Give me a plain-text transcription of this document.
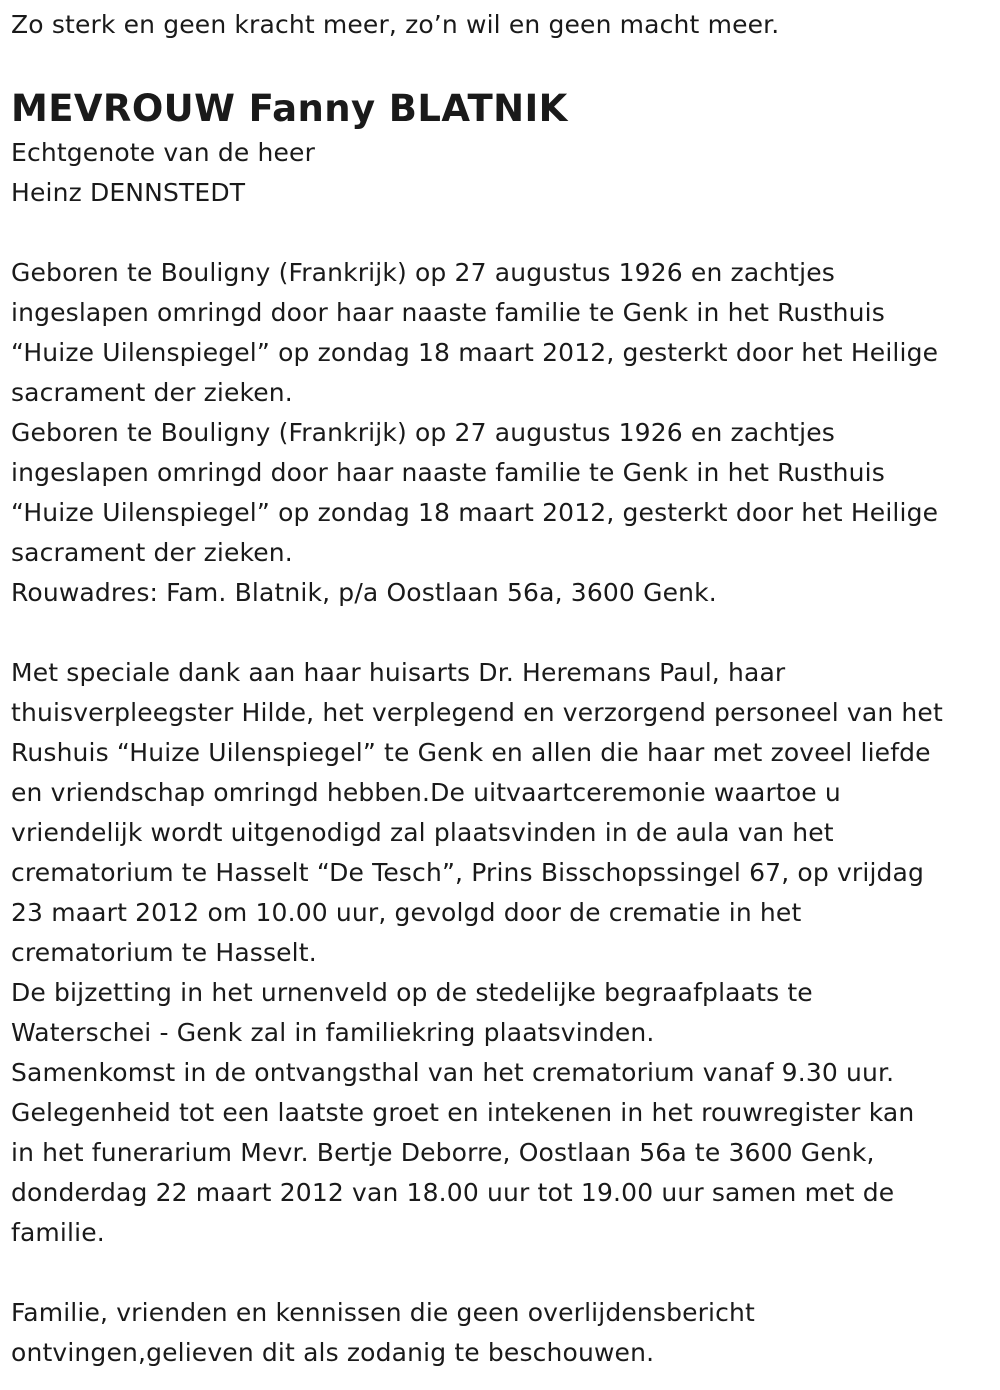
Zo sterk en geen kracht meer, zo’n wil en geen macht meer.
MEVROUW Fanny BLATNIK
Echtgenote van de heer
Heinz DENNSTEDT
Geboren te Bouligny (Frankrijk) op 27 augustus 1926 en zachtjes
ingeslapen omringd door haar naaste familie te Genk in het Rusthuis
“Huize Uilenspiegel” op zondag 18 maart 2012, gesterkt door het Heilige
sacrament der zieken.
Geboren te Bouligny (Frankrijk) op 27 augustus 1926 en zachtjes
ingeslapen omringd door haar naaste familie te Genk in het Rusthuis
“Huize Uilenspiegel” op zondag 18 maart 2012, gesterkt door het Heilige
sacrament der zieken.
Rouwadres: Fam. Blatnik, p/a Oostlaan 56a, 3600 Genk.
Met speciale dank aan haar huisarts Dr. Heremans Paul, haar
thuisverpleegster Hilde, het verplegend en verzorgend personeel van het
Rushuis “Huize Uilenspiegel” te Genk en allen die haar met zoveel liefde
en vriendschap omringd hebben.De uitvaartceremonie waartoe u
vriendelijk wordt uitgenodigd zal plaatsvinden in de aula van het
crematorium te Hasselt “De Tesch”, Prins Bisschopssingel 67, op vrijdag
23 maart 2012 om 10.00 uur, gevolgd door de crematie in het
crematorium te Hasselt.
De bijzetting in het urnenveld op de stedelijke begraafplaats te
Waterschei - Genk zal in familiekring plaatsvinden.
Samenkomst in de ontvangsthal van het crematorium vanaf 9.30 uur.
Gelegenheid tot een laatste groet en intekenen in het rouwregister kan
in het funerarium Mevr. Bertje Deborre, Oostlaan 56a te 3600 Genk,
donderdag 22 maart 2012 van 18.00 uur tot 19.00 uur samen met de
familie.
Familie, vrienden en kennissen die geen overlijdensbericht
ontvingen,gelieven dit als zodanig te beschouwen.
